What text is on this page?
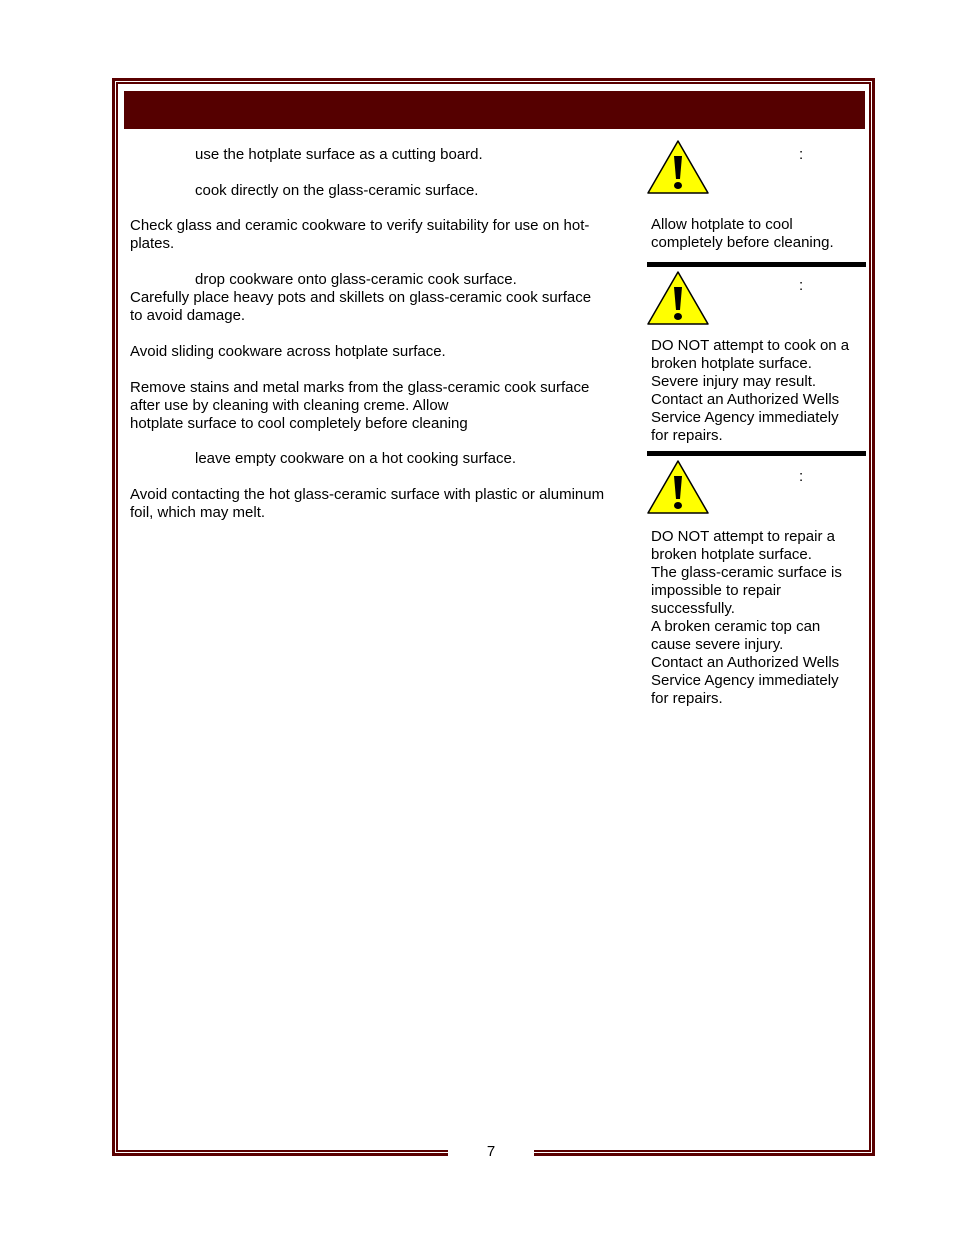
use the hotplate surface as a cutting board.

cook directly on the glass-ceramic surface.

Check glass and ceramic cookware to verify suitability for use on hot-
plates.

drop cookware onto glass-ceramic cook surface.

Carefully place heavy pots and skillets on glass-ceramic cook surface
to avoid damage.

Avoid sliding cookware across hotplate surface.

Remove stains and metal marks from the glass-ceramic cook surface
after use by cleaning with cleaning creme. Allow
hotplate surface to cool completely before cleaning

leave empty cookware on a hot cooking surface.

Avoid contacting the hot glass-ceramic surface with plastic or aluminum
foil, which may melt.

:

Allow hotplate to cool
completely before cleaning.

:

DO NOT attempt to cook on a
broken hotplate surface.
Severe injury may result.
Contact an Authorized Wells
Service Agency immediately
for repairs.

:

DO NOT attempt to repair a
broken hotplate surface.
The glass-ceramic surface is
impossible to repair
successfully.
A broken ceramic top can
cause severe injury.
Contact an Authorized Wells
Service Agency immediately
for repairs.

7
